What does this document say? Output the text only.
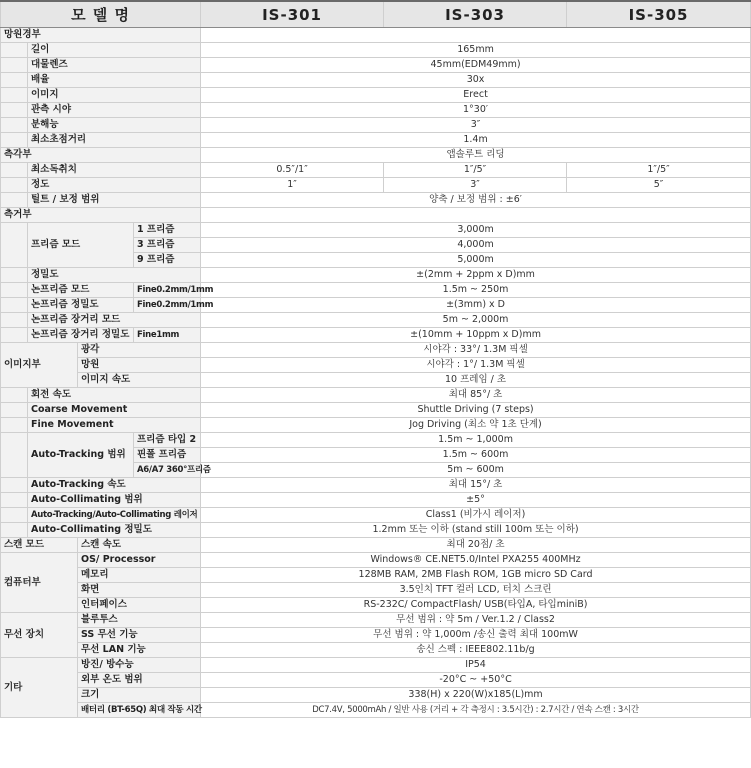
모 델 명				IS-301	IS-303	IS-305
망원경부						
	길이			165mm		
	대물렌즈			45mm(EDM49mm)		
	배율			30x		
	이미지			Erect		
	관측 시야			1°30′		
	분해능			3″		
	최소초점거리			1.4m		
측각부				앱솔루트 리딩		
	최소독취치			0.5″/1″	1″/5″	1″/5″
	정도			1″	3″	5″
	틸트 / 보정 범위			양축 / 보정 범위 : ±6′		
측거부						
	프리즘 모드		1 프리즘	3,000m		
			3 프리즘	4,000m		
			9 프리즘	5,000m		
	정밀도			±(2mm + 2ppm x D)mm		
	논프리즘 모드		Fine0.2mm/1mm	1.5m ~ 250m		
	논프리즘 정밀도		Fine0.2mm/1mm	±(3mm) x D		
	논프리즘 장거리 모드			5m ~ 2,000m		
	논프리즘 장거리 정밀도		Fine1mm	±(10mm + 10ppm x D)mm		
이미지부		광각		시야각 : 33°/ 1.3M 픽셀		
		망원		시야각 : 1°/ 1.3M 픽셀		
		이미지 속도		10 프레임 / 초		
	회전 속도			최대 85°/ 초		
	Coarse Movement			Shuttle Driving (7 steps)		
	Fine Movement			Jog Driving (최소 약 1초 단계)		
	Auto-Tracking 범위		프리즘 타입 2	1.5m ~ 1,000m		
			핀폴 프리즘	1.5m ~ 600m		
			A6/A7 360°프리즘	5m ~ 600m		
	Auto-Tracking 속도			최대 15°/ 초		
	Auto-Collimating 범위			±5°		
	Auto-Tracking/Auto-Collimating 레이저			Class1 (비가시 레이저)		
	Auto-Collimating 정밀도			1.2mm 또는 이하 (stand still 100m 또는 이하)		
스캔 모드		스캔 속도		최대 20점/ 초		
컴퓨터부		OS/ Processor		Windows® CE.NET5.0/Intel PXA255 400MHz		
		메모리		128MB RAM, 2MB Flash ROM, 1GB micro SD Card		
		화면		3.5인치 TFT 컬러 LCD, 터치 스크린		
		인터페이스		RS-232C/ CompactFlash/ USB(타입A, 타입miniB)		
무선 장치		블루투스		무선 범위 : 약 5m / Ver.1.2 / Class2		
		SS 무선 기능		무선 범위 : 약 1,000m /송신 출력 최대 100mW		
		무선 LAN 기능		송신 스펙 : IEEE802.11b/g		
기타		방진/ 방수능		IP54		
		외부 온도 범위		-20°C ~ +50°C		
		크기		338(H) x 220(W)x185(L)mm		
		배터리 (BT-65Q) 최대 작동 시간		DC7.4V, 5000mAh / 일반 사용 (거리 + 각 측정시 : 3.5시간) : 2.7시간 / 연속 스캔 : 3시간		
